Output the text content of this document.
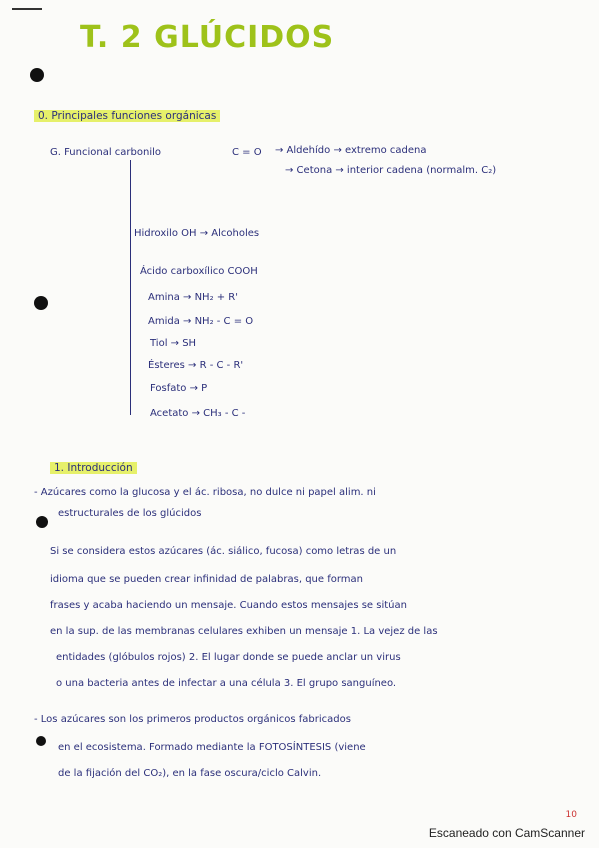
T. 2 GLÚCIDOS
0. Principales funciones orgánicas
G. Funcional carbonilo	C = O → Aldehído → extremo cadena
→ Cetona → interior cadena (normalm. C₂)
Hidroxilo OH → Alcoholes
Ácido carboxílico COOH
Amina → NH₂ + R'
Amida → NH₂ - C = O
Tiol → SH
Ésteres → R - C - R'
Fosfato → P
Acetato → CH₃ - C -
1. Introducción
- Azúcares como la glucosa y el ác. ribosa, no dulce ni papel alim. ni
estructurales de los glúcidos
Si se considera estos azúcares (ác. siálico, fucosa) como letras de un
idioma que se pueden crear infinidad de palabras, que forman
frases y acaba haciendo un mensaje. Cuando estos mensajes se sitúan
en la sup. de las membranas celulares exhiben un mensaje 1. La vejez de las
entidades (glóbulos rojos) 2. El lugar donde se puede anclar un virus
o una bacteria antes de infectar a una célula 3. El grupo sanguíneo.
- Los azúcares son los primeros productos orgánicos fabricados
en el ecosistema. Formado mediante la FOTOSÍNTESIS (viene
de la fijación del CO₂), en la fase oscura/ciclo Calvin.
10
Escaneado con CamScanner
